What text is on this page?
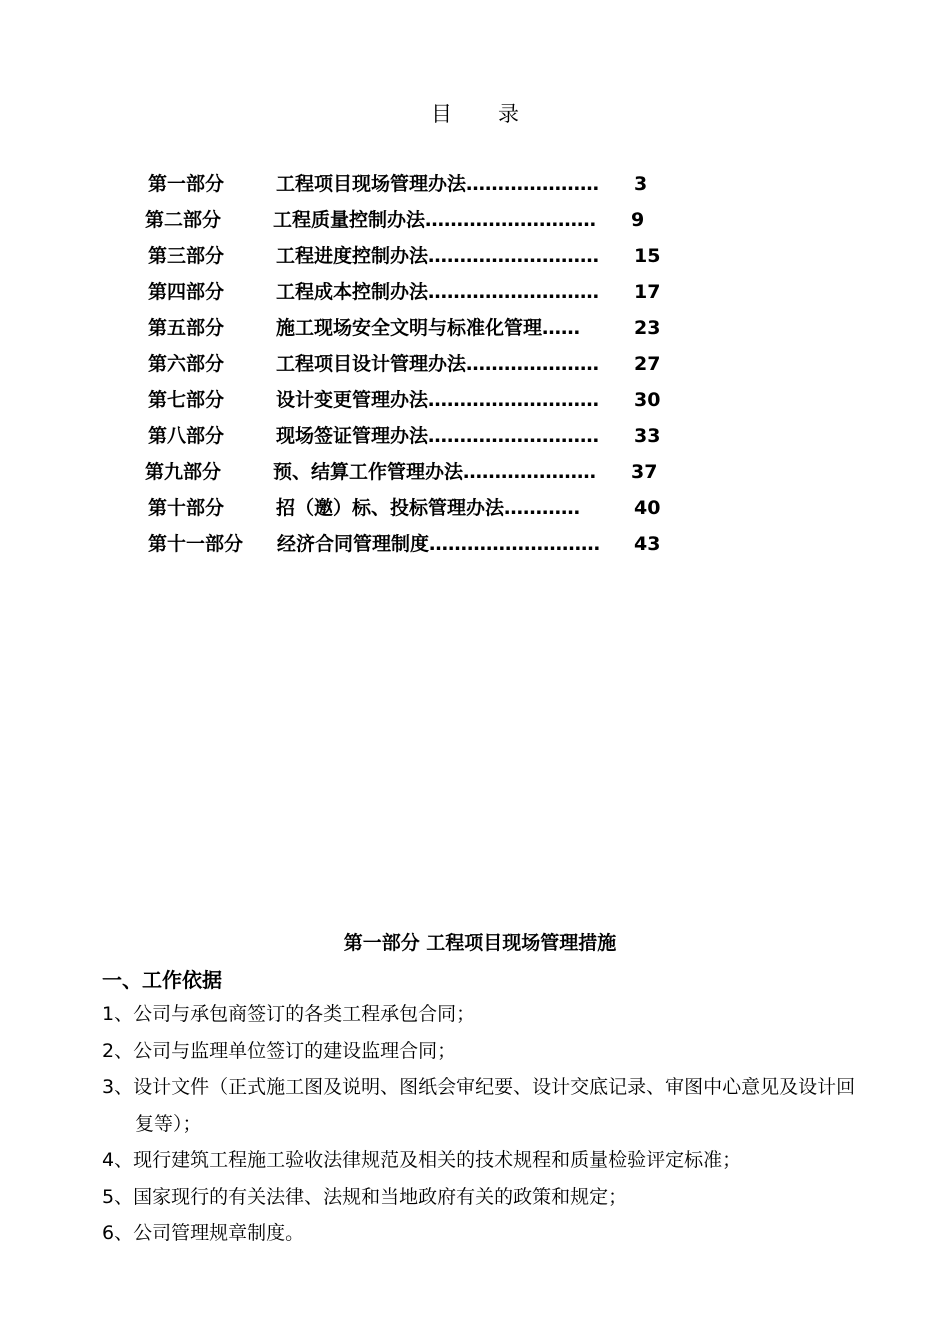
目 录
第一部分	工程项目现场管理办法………………… 3
第二部分	工程质量控制办法……………………… 9
第三部分	工程进度控制办法……………………… 15
第四部分	工程成本控制办法……………………… 17
第五部分	施工现场安全文明与标准化管理……	23
第六部分	工程项目设计管理办法………………… 27
第七部分	设计变更管理办法……………………… 30
第八部分	现场签证管理办法……………………… 33
第九部分	预、结算工作管理办法………………… 37
第十部分	招（邀）标、投标管理办法…………	40
第十一部分 经济合同管理制度……………………… 43
第一部分 工程项目现场管理措施
一、工作依据
1、公司与承包商签订的各类工程承包合同；
2、公司与监理单位签订的建设监理合同；
3、设计文件（正式施工图及说明、图纸会审纪要、设计交底记录、审图中心意见及设计回复等）；
4、现行建筑工程施工验收法律规范及相关的技术规程和质量检验评定标准；
5、国家现行的有关法律、法规和当地政府有关的政策和规定；
6、公司管理规章制度。
